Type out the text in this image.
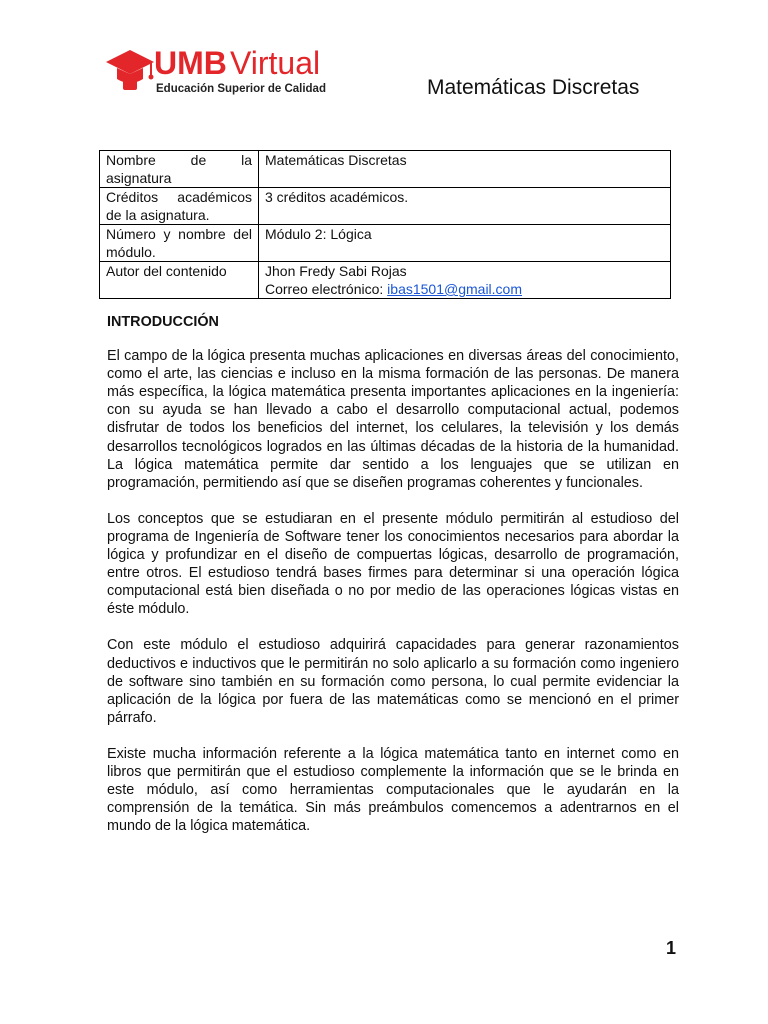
UMB Virtual
Educación Superior de Calidad	Matemáticas Discretas
Nombre de la asignatura	Matemáticas Discretas
Créditos académicos de la asignatura.	3 créditos académicos.
Número y nombre del módulo.	Módulo 2: Lógica
Autor del contenido	Jhon Fredy Sabi Rojas
Correo electrónico: ibas1501@gmail.com
INTRODUCCIÓN

El campo de la lógica presenta muchas aplicaciones en diversas áreas del conocimiento, como el arte, las ciencias e incluso en la misma formación de las personas. De manera más específica, la lógica matemática presenta importantes aplicaciones en la ingeniería: con su ayuda se han llevado a cabo el desarrollo computacional actual, podemos disfrutar de todos los beneficios del internet, los celulares, la televisión y los demás desarrollos tecnológicos logrados en las últimas décadas de la historia de la humanidad. La lógica matemática permite dar sentido a los lenguajes que se utilizan en programación, permitiendo así que se diseñen programas coherentes y funcionales.

Los conceptos que se estudiaran en el presente módulo permitirán al estudioso del programa de Ingeniería de Software tener los conocimientos necesarios para abordar la lógica y profundizar en el diseño de compuertas lógicas, desarrollo de programación, entre otros. El estudioso tendrá bases firmes para determinar si una operación lógica computacional está bien diseñada o no por medio de las operaciones lógicas vistas en éste módulo.

Con este módulo el estudioso adquirirá capacidades para generar razonamientos deductivos e inductivos que le permitirán no solo aplicarlo a su formación como ingeniero de software sino también en su formación como persona, lo cual permite evidenciar la aplicación de la lógica por fuera de las matemáticas como se mencionó en el primer párrafo.

Existe mucha información referente a la lógica matemática tanto en internet como en libros que permitirán que el estudioso complemente la información que se le brinda en este módulo, así como herramientas computacionales que le ayudarán en la comprensión de la temática. Sin más preámbulos comencemos a adentrarnos en el mundo de la lógica matemática.

1
